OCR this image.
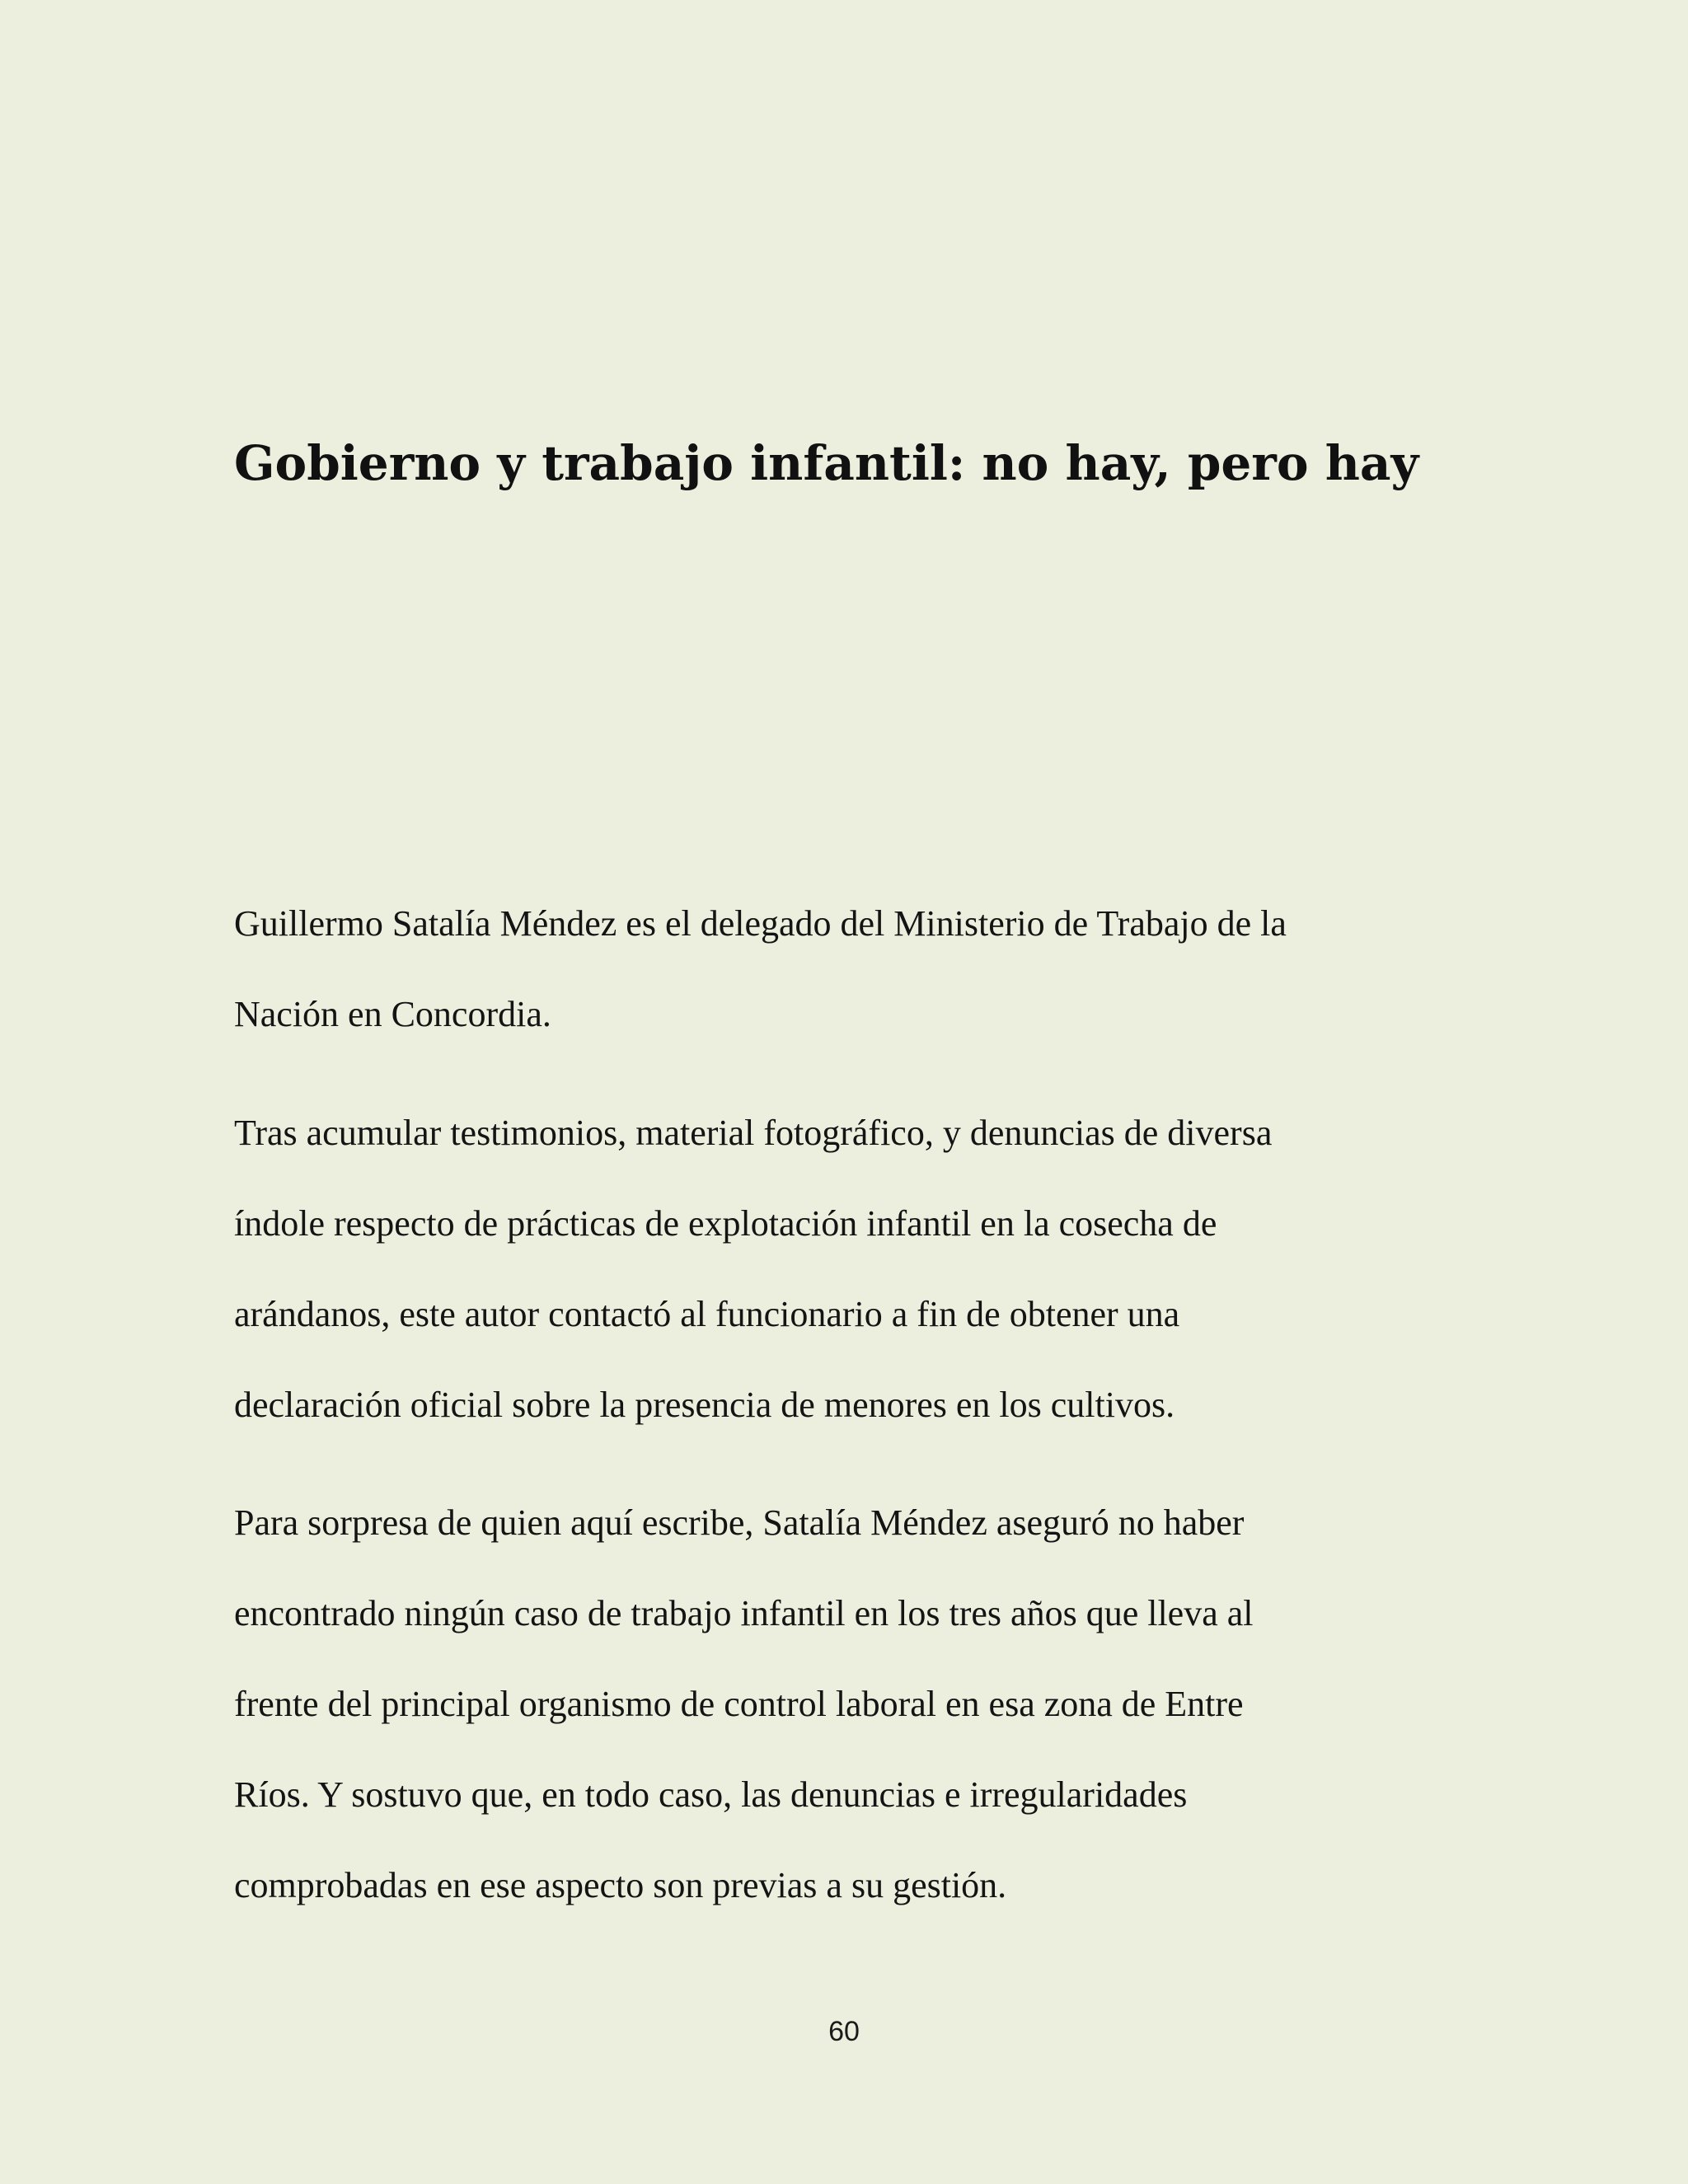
Gobierno y trabajo infantil: no hay, pero hay

Guillermo Satalía Méndez es el delegado del Ministerio de Trabajo de la
Nación en Concordia.

Tras acumular testimonios, material fotográfico, y denuncias de diversa
índole respecto de prácticas de explotación infantil en la cosecha de
arándanos, este autor contactó al funcionario a fin de obtener una
declaración oficial sobre la presencia de menores en los cultivos.

Para sorpresa de quien aquí escribe, Satalía Méndez aseguró no haber
encontrado ningún caso de trabajo infantil en los tres años que lleva al
frente del principal organismo de control laboral en esa zona de Entre
Ríos. Y sostuvo que, en todo caso, las denuncias e irregularidades
comprobadas en ese aspecto son previas a su gestión.

60
